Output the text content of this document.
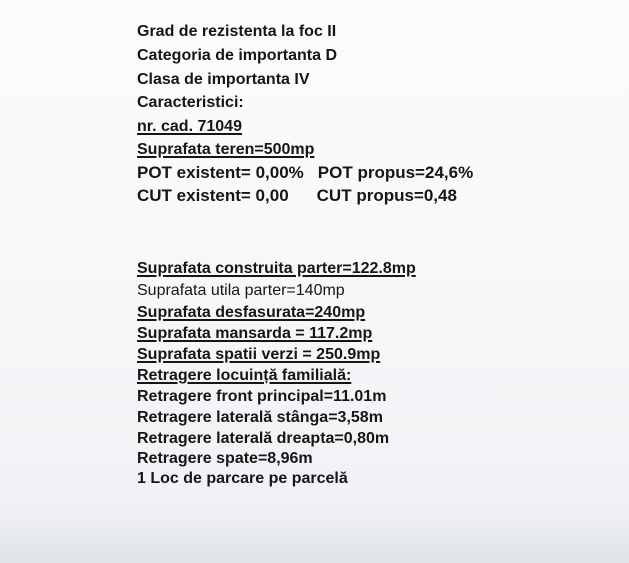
Grad de rezistenta la foc II
Categoria de importanta D
Clasa de importanta IV
Caracteristici:
nr. cad. 71049
Suprafata teren=500mp
POT existent= 0,00% POT propus=24,6%
CUT existent= 0,00 CUT propus=0,48
Suprafata construita parter=122.8mp
Suprafata utila parter=140mp
Suprafata desfasurata=240mp
Suprafata mansarda = 117.2mp
Suprafata spatii verzi = 250.9mp
Retragere locuință familială:
Retragere front principal=11.01m
Retragere laterală stânga=3,58m
Retragere laterală dreapta=0,80m
Retragere spate=8,96m
1 Loc de parcare pe parcelă
